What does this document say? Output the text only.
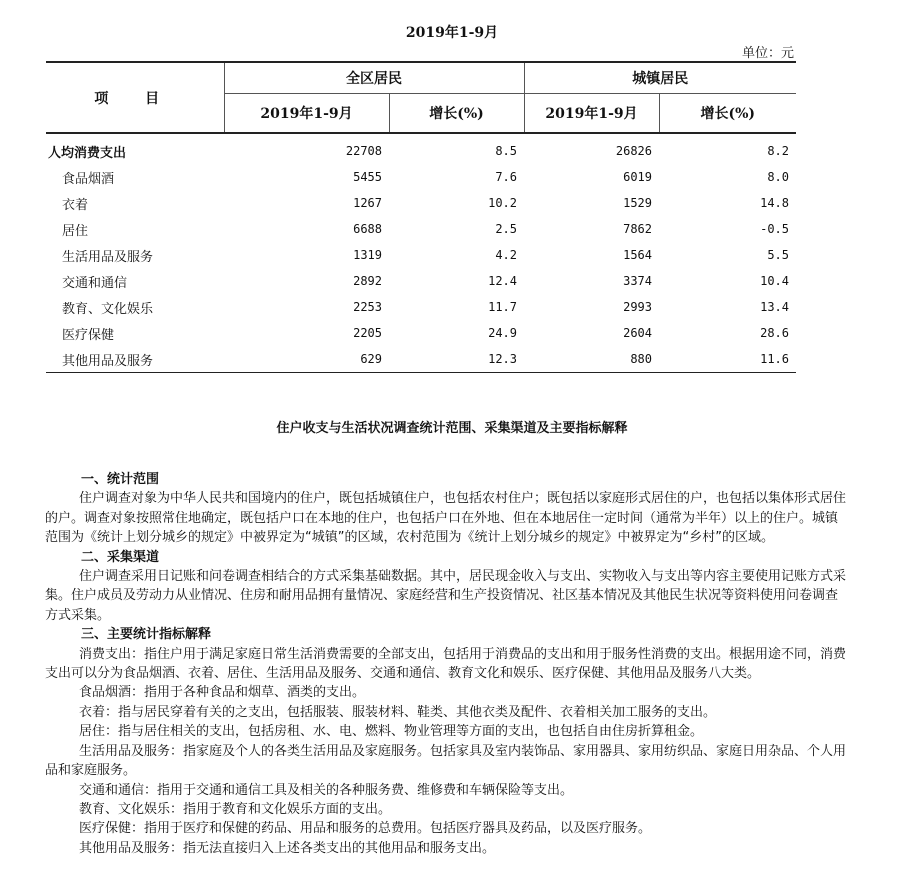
2019年1-9月
单位：元
项 目	全区居民		城镇居民	
	2019年1-9月	增长(%)	2019年1-9月	增长(%)
人均消费支出	22708	8.5	26826	8.2
食品烟酒	5455	7.6	6019	8.0
衣着	1267	10.2	1529	14.8
居住	6688	2.5	7862	-0.5
生活用品及服务	1319	4.2	1564	5.5
交通和通信	2892	12.4	3374	10.4
教育、文化娱乐	2253	11.7	2993	13.4
医疗保健	2205	24.9	2604	28.6
其他用品及服务	629	12.3	880	11.6
住户收支与生活状况调查统计范围、采集渠道及主要指标解释

一、统计范围

住户调查对象为中华人民共和国境内的住户，既包括城镇住户，也包括农村住户；既包括以家庭形式居住的户，也包括以集体形式居住的户。调查对象按照常住地确定，既包括户口在本地的住户，也包括户口在外地、但在本地居住一定时间（通常为半年）以上的住户。城镇范围为《统计上划分城乡的规定》中被界定为“城镇”的区域，农村范围为《统计上划分城乡的规定》中被界定为“乡村”的区域。

二、采集渠道

住户调查采用日记账和问卷调查相结合的方式采集基础数据。其中，居民现金收入与支出、实物收入与支出等内容主要使用记账方式采集。住户成员及劳动力从业情况、住房和耐用品拥有量情况、家庭经营和生产投资情况、社区基本情况及其他民生状况等资料使用问卷调查方式采集。

三、主要统计指标解释

消费支出：指住户用于满足家庭日常生活消费需要的全部支出，包括用于消费品的支出和用于服务性消费的支出。根据用途不同，消费支出可以分为食品烟酒、衣着、居住、生活用品及服务、交通和通信、教育文化和娱乐、医疗保健、其他用品及服务八大类。

食品烟酒：指用于各种食品和烟草、酒类的支出。

衣着：指与居民穿着有关的之支出，包括服装、服装材料、鞋类、其他衣类及配件、衣着相关加工服务的支出。

居住：指与居住相关的支出，包括房租、水、电、燃料、物业管理等方面的支出，也包括自由住房折算租金。

生活用品及服务：指家庭及个人的各类生活用品及家庭服务。包括家具及室内装饰品、家用器具、家用纺织品、家庭日用杂品、个人用品和家庭服务。

交通和通信：指用于交通和通信工具及相关的各种服务费、维修费和车辆保险等支出。

教育、文化娱乐：指用于教育和文化娱乐方面的支出。

医疗保健：指用于医疗和保健的药品、用品和服务的总费用。包括医疗器具及药品，以及医疗服务。

其他用品及服务：指无法直接归入上述各类支出的其他用品和服务支出。
